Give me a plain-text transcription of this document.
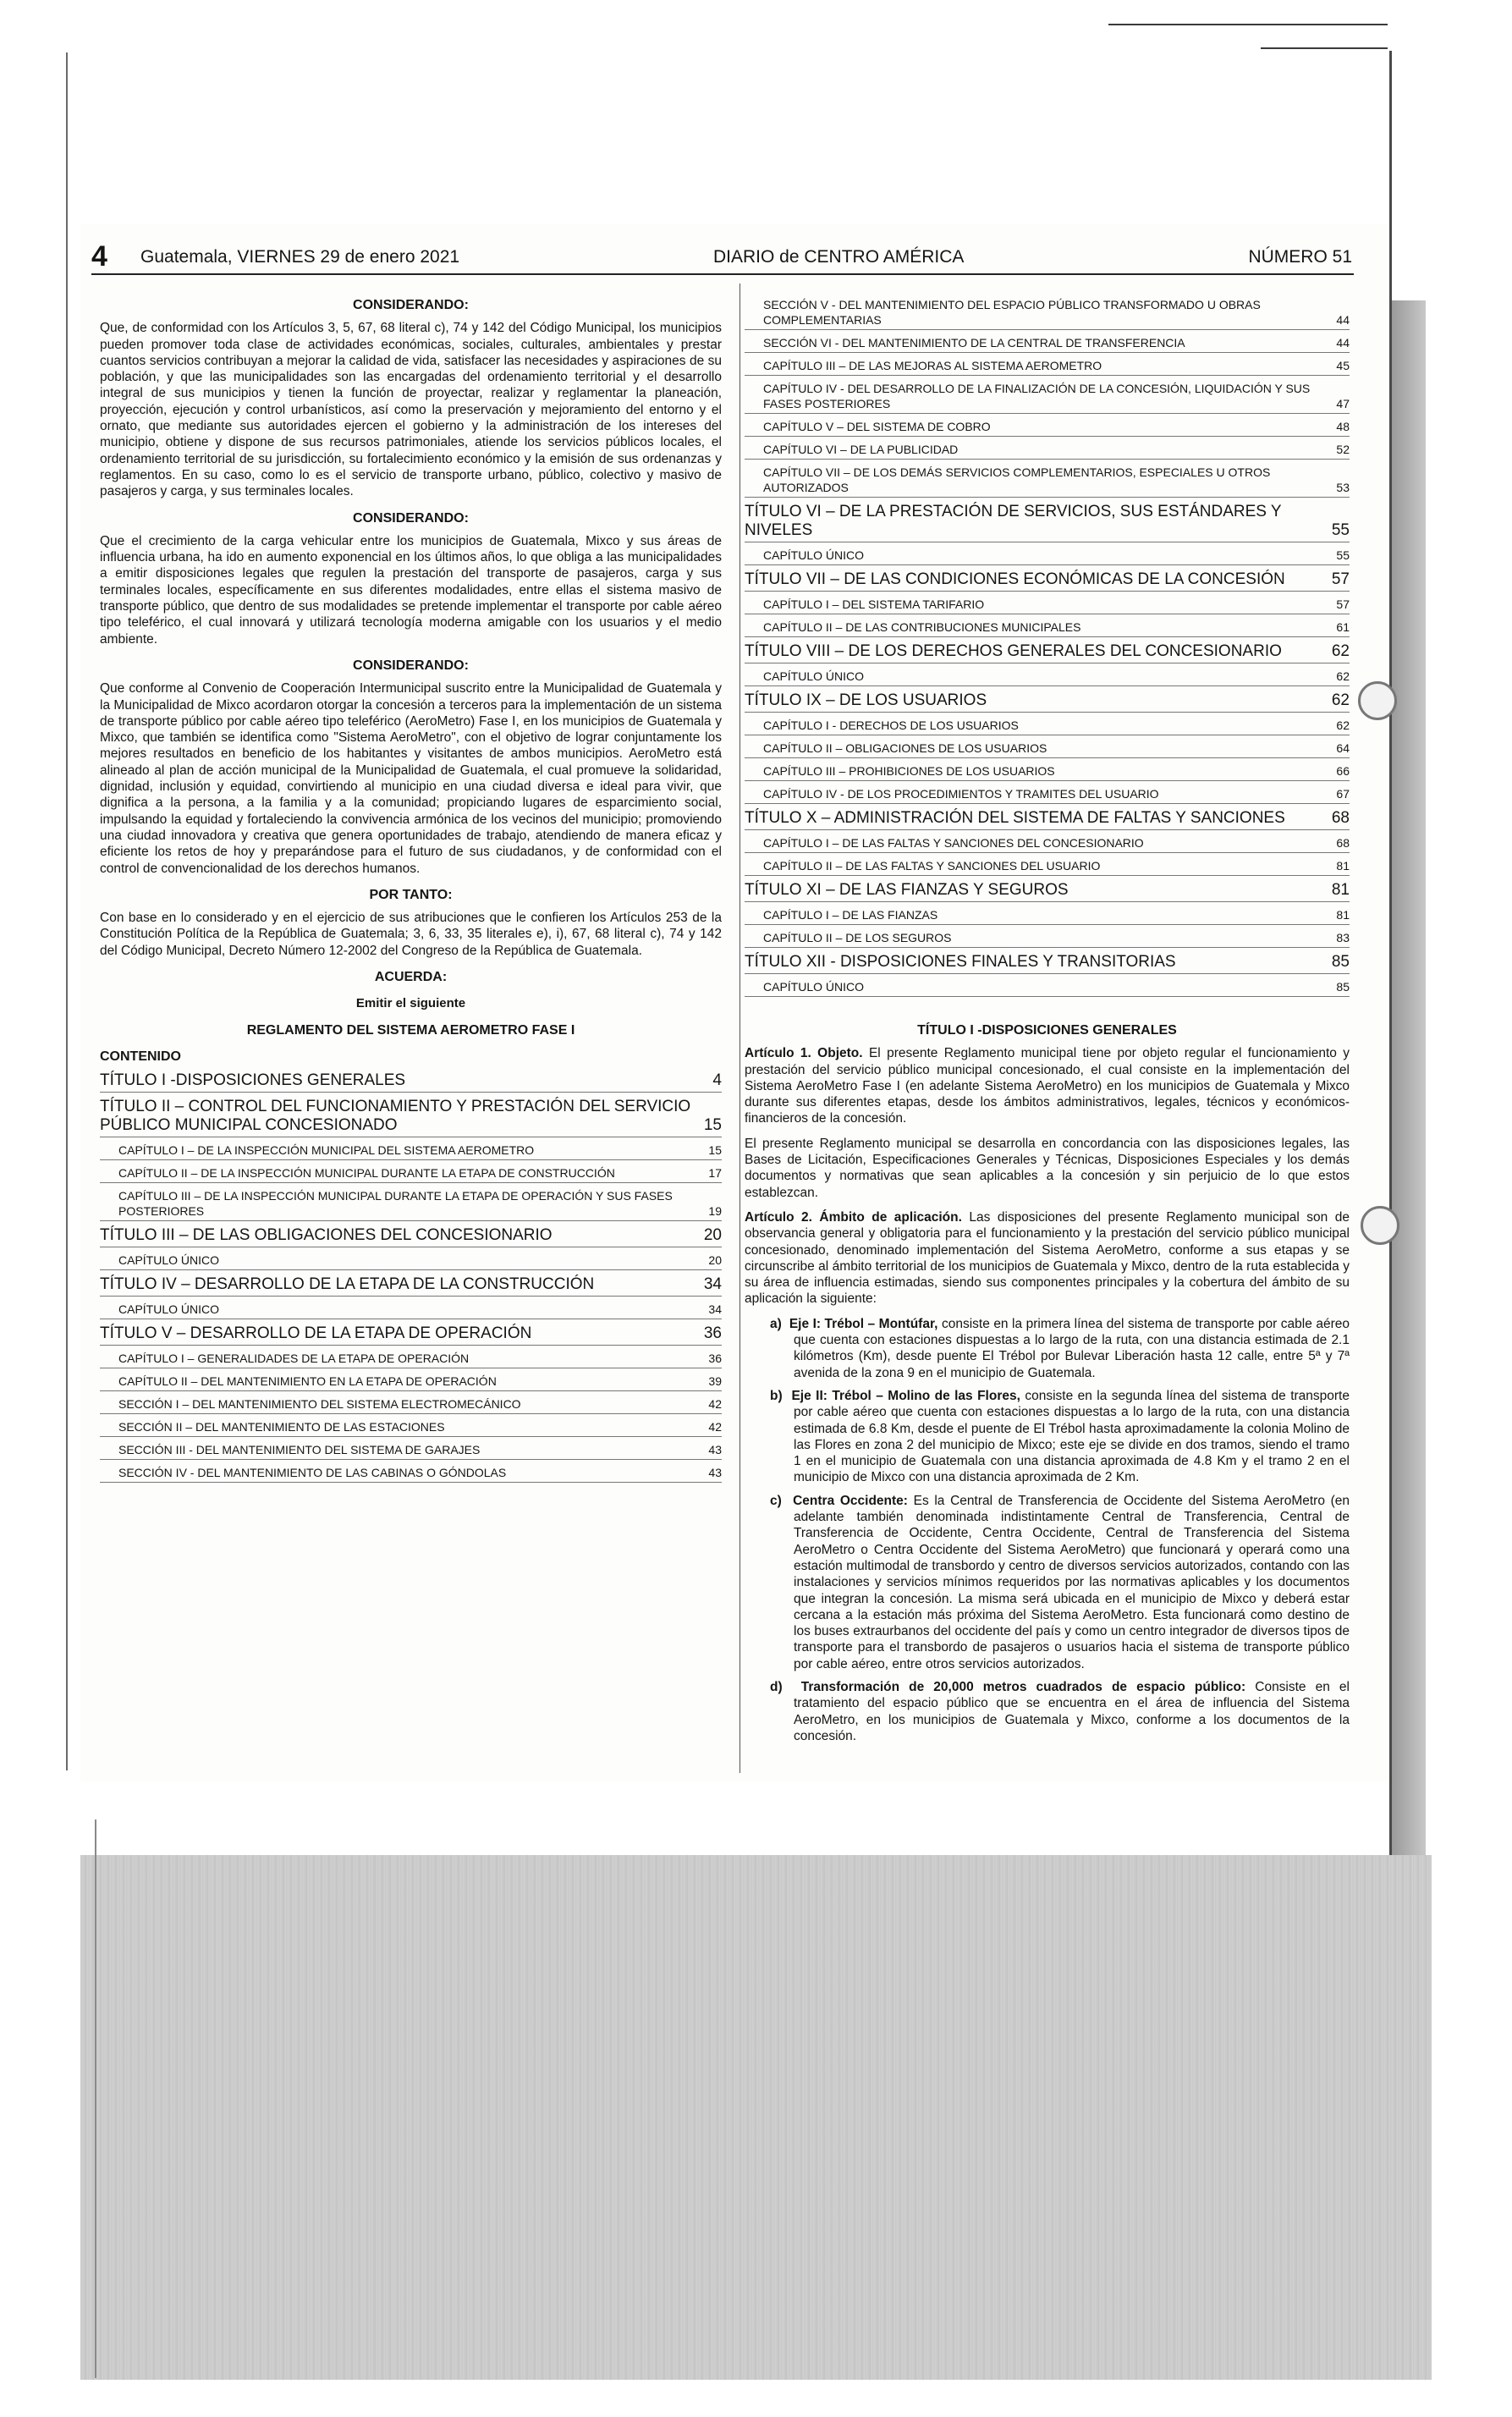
4 Guatemala, VIERNES 29 de enero 2021	DIARIO de CENTRO AMÉRICA	NÚMERO 51
CONSIDERANDO:

Que, de conformidad con los Artículos 3, 5, 67, 68 literal c), 74 y 142 del Código Municipal, los municipios pueden promover toda clase de actividades económicas, sociales, culturales, ambientales y prestar cuantos servicios contribuyan a mejorar la calidad de vida, satisfacer las necesidades y aspiraciones de su población, y que las municipalidades son las encargadas del ordenamiento territorial y el desarrollo integral de sus municipios y tienen la función de proyectar, realizar y reglamentar la planeación, proyección, ejecución y control urbanísticos, así como la preservación y mejoramiento del entorno y el ornato, que mediante sus autoridades ejercen el gobierno y la administración de los intereses del municipio, obtiene y dispone de sus recursos patrimoniales, atiende los servicios públicos locales, el ordenamiento territorial de su jurisdicción, su fortalecimiento económico y la emisión de sus ordenanzas y reglamentos. En su caso, como lo es el servicio de transporte urbano, público, colectivo y masivo de pasajeros y carga, y sus terminales locales.

CONSIDERANDO:

Que el crecimiento de la carga vehicular entre los municipios de Guatemala, Mixco y sus áreas de influencia urbana, ha ido en aumento exponencial en los últimos años, lo que obliga a las municipalidades a emitir disposiciones legales que regulen la prestación del transporte de pasajeros, carga y sus terminales locales, específicamente en sus diferentes modalidades, entre ellas el sistema masivo de transporte público, que dentro de sus modalidades se pretende implementar el transporte por cable aéreo tipo teleférico, el cual innovará y utilizará tecnología moderna amigable con los usuarios y el medio ambiente.

CONSIDERANDO:

Que conforme al Convenio de Cooperación Intermunicipal suscrito entre la Municipalidad de Guatemala y la Municipalidad de Mixco acordaron otorgar la concesión a terceros para la implementación de un sistema de transporte público por cable aéreo tipo teleférico (AeroMetro) Fase I, en los municipios de Guatemala y Mixco, que también se identifica como "Sistema AeroMetro", con el objetivo de lograr conjuntamente los mejores resultados en beneficio de los habitantes y visitantes de ambos municipios. AeroMetro está alineado al plan de acción municipal de la Municipalidad de Guatemala, el cual promueve la solidaridad, dignidad, inclusión y equidad, convirtiendo al municipio en una ciudad diversa e ideal para vivir, que dignifica a la persona, a la familia y a la comunidad; propiciando lugares de esparcimiento social, impulsando la equidad y fortaleciendo la convivencia armónica de los vecinos del municipio; promoviendo una ciudad innovadora y creativa que genera oportunidades de trabajo, atendiendo de manera eficaz y eficiente los retos de hoy y preparándose para el futuro de sus ciudadanos, y de conformidad con el control de convencionalidad de los derechos humanos.

POR TANTO:

Con base en lo considerado y en el ejercicio de sus atribuciones que le confieren los Artículos 253 de la Constitución Política de la República de Guatemala; 3, 6, 33, 35 literales e), i), 67, 68 literal c), 74 y 142 del Código Municipal, Decreto Número 12-2002 del Congreso de la República de Guatemala.

ACUERDA:
Emitir el siguiente
REGLAMENTO DEL SISTEMA AEROMETRO FASE I
CONTENIDO
TÍTULO I -DISPOSICIONES GENERALES	4
TÍTULO II – CONTROL DEL FUNCIONAMIENTO Y PRESTACIÓN DEL SERVICIO PÚBLICO MUNICIPAL CONCESIONADO	15
CAPÍTULO I – DE LA INSPECCIÓN MUNICIPAL DEL SISTEMA AEROMETRO	15
CAPÍTULO II – DE LA INSPECCIÓN MUNICIPAL DURANTE LA ETAPA DE CONSTRUCCIÓN	17
CAPÍTULO III – DE LA INSPECCIÓN MUNICIPAL DURANTE LA ETAPA DE OPERACIÓN Y SUS FASES POSTERIORES	19
TÍTULO III – DE LAS OBLIGACIONES DEL CONCESIONARIO	20
CAPÍTULO ÚNICO	20
TÍTULO IV – DESARROLLO DE LA ETAPA DE LA CONSTRUCCIÓN	34
CAPÍTULO ÚNICO	34
TÍTULO V – DESARROLLO DE LA ETAPA DE OPERACIÓN	36
CAPÍTULO I – GENERALIDADES DE LA ETAPA DE OPERACIÓN	36
CAPÍTULO II – DEL MANTENIMIENTO EN LA ETAPA DE OPERACIÓN	39
SECCIÓN I – DEL MANTENIMIENTO DEL SISTEMA ELECTROMECÁNICO	42
SECCIÓN II – DEL MANTENIMIENTO DE LAS ESTACIONES	42
SECCIÓN III - DEL MANTENIMIENTO DEL SISTEMA DE GARAJES	43
SECCIÓN IV - DEL MANTENIMIENTO DE LAS CABINAS O GÓNDOLAS	43
SECCIÓN V - DEL MANTENIMIENTO DEL ESPACIO PÚBLICO TRANSFORMADO U OBRAS COMPLEMENTARIAS	44
SECCIÓN VI - DEL MANTENIMIENTO DE LA CENTRAL DE TRANSFERENCIA	44
CAPÍTULO III – DE LAS MEJORAS AL SISTEMA AEROMETRO	45
CAPÍTULO IV - DEL DESARROLLO DE LA FINALIZACIÓN DE LA CONCESIÓN, LIQUIDACIÓN Y SUS FASES POSTERIORES	47
CAPÍTULO V – DEL SISTEMA DE COBRO	48
CAPÍTULO VI – DE LA PUBLICIDAD	52
CAPÍTULO VII – DE LOS DEMÁS SERVICIOS COMPLEMENTARIOS, ESPECIALES U OTROS AUTORIZADOS	53
TÍTULO VI – DE LA PRESTACIÓN DE SERVICIOS, SUS ESTÁNDARES Y NIVELES	55
CAPÍTULO ÚNICO	55
TÍTULO VII – DE LAS CONDICIONES ECONÓMICAS DE LA CONCESIÓN	57
CAPÍTULO I – DEL SISTEMA TARIFARIO	57
CAPÍTULO II – DE LAS CONTRIBUCIONES MUNICIPALES	61
TÍTULO VIII – DE LOS DERECHOS GENERALES DEL CONCESIONARIO	62
CAPÍTULO ÚNICO	62
TÍTULO IX – DE LOS USUARIOS	62
CAPÍTULO I - DERECHOS DE LOS USUARIOS	62
CAPÍTULO II – OBLIGACIONES DE LOS USUARIOS	64
CAPÍTULO III – PROHIBICIONES DE LOS USUARIOS	66
CAPÍTULO IV - DE LOS PROCEDIMIENTOS Y TRAMITES DEL USUARIO	67
TÍTULO X – ADMINISTRACIÓN DEL SISTEMA DE FALTAS Y SANCIONES	68
CAPÍTULO I – DE LAS FALTAS Y SANCIONES DEL CONCESIONARIO	68
CAPÍTULO II – DE LAS FALTAS Y SANCIONES DEL USUARIO	81
TÍTULO XI – DE LAS FIANZAS Y SEGUROS	81
CAPÍTULO I – DE LAS FIANZAS	81
CAPÍTULO II – DE LOS SEGUROS	83
TÍTULO XII - DISPOSICIONES FINALES Y TRANSITORIAS	85
CAPÍTULO ÚNICO	85
TÍTULO I -DISPOSICIONES GENERALES

Artículo 1. Objeto. El presente Reglamento municipal tiene por objeto regular el funcionamiento y prestación del servicio público municipal concesionado, el cual consiste en la implementación del Sistema AeroMetro Fase I (en adelante Sistema AeroMetro) en los municipios de Guatemala y Mixco durante sus diferentes etapas, desde los ámbitos administrativos, legales, técnicos y económicos-financieros de la concesión.

El presente Reglamento municipal se desarrolla en concordancia con las disposiciones legales, las Bases de Licitación, Especificaciones Generales y Técnicas, Disposiciones Especiales y los demás documentos y normativas que sean aplicables a la concesión y sin perjuicio de lo que estos establezcan.

Artículo 2. Ámbito de aplicación. Las disposiciones del presente Reglamento municipal son de observancia general y obligatoria para el funcionamiento y la prestación del servicio público municipal concesionado, denominado implementación del Sistema AeroMetro, conforme a sus etapas y se circunscribe al ámbito territorial de los municipios de Guatemala y Mixco, dentro de la ruta establecida y su área de influencia estimadas, siendo sus componentes principales y la cobertura del ámbito de su aplicación la siguiente:

a) Eje I: Trébol – Montúfar, consiste en la primera línea del sistema de transporte por cable aéreo que cuenta con estaciones dispuestas a lo largo de la ruta, con una distancia estimada de 2.1 kilómetros (Km), desde puente El Trébol por Bulevar Liberación hasta 12 calle, entre 5ª y 7ª avenida de la zona 9 en el municipio de Guatemala.

b) Eje II: Trébol – Molino de las Flores, consiste en la segunda línea del sistema de transporte por cable aéreo que cuenta con estaciones dispuestas a lo largo de la ruta, con una distancia estimada de 6.8 Km, desde el puente de El Trébol hasta aproximadamente la colonia Molino de las Flores en zona 2 del municipio de Mixco; este eje se divide en dos tramos, siendo el tramo 1 en el municipio de Guatemala con una distancia aproximada de 4.8 Km y el tramo 2 en el municipio de Mixco con una distancia aproximada de 2 Km.

c) Centra Occidente: Es la Central de Transferencia de Occidente del Sistema AeroMetro (en adelante también denominada indistintamente Central de Transferencia, Central de Transferencia de Occidente, Centra Occidente, Central de Transferencia del Sistema AeroMetro o Centra Occidente del Sistema AeroMetro) que funcionará y operará como una estación multimodal de transbordo y centro de diversos servicios autorizados, contando con las instalaciones y servicios mínimos requeridos por las normativas aplicables y los documentos que integran la concesión. La misma será ubicada en el municipio de Mixco y deberá estar cercana a la estación más próxima del Sistema AeroMetro. Esta funcionará como destino de los buses extraurbanos del occidente del país y como un centro integrador de diversos tipos de transporte para el transbordo de pasajeros o usuarios hacia el sistema de transporte público por cable aéreo, entre otros servicios autorizados.

d) Transformación de 20,000 metros cuadrados de espacio público: Consiste en el tratamiento del espacio público que se encuentra en el área de influencia del Sistema AeroMetro, en los municipios de Guatemala y Mixco, conforme a los documentos de la concesión.
